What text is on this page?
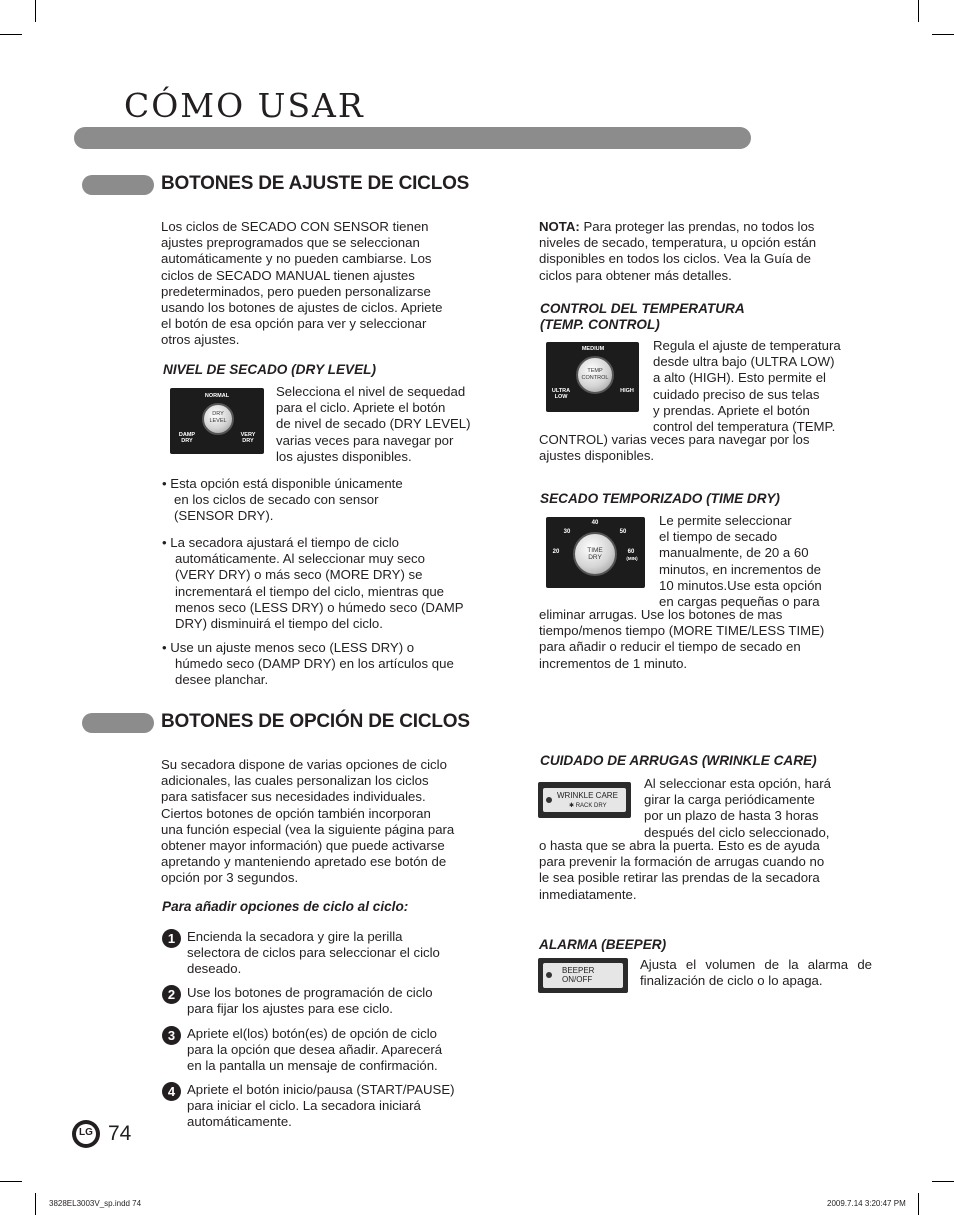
CÓMO USAR
BOTONES DE AJUSTE DE CICLOS
Los ciclos de SECADO CON SENSOR tienen
ajustes preprogramados que se seleccionan
automáticamente y no pueden cambiarse. Los
ciclos de SECADO MANUAL tienen ajustes
predeterminados, pero pueden personalizarse
usando los botones de ajustes de ciclos. Apriete
el botón de esa opción para ver y seleccionar
otros ajustes.
NIVEL DE SECADO (DRY LEVEL)
NORMAL
DRY
LEVEL
DAMP
DRY
VERY
DRY
Selecciona el nivel de sequedad
para el ciclo. Apriete el botón
de nivel de secado (DRY LEVEL)
varias veces para navegar por
los ajustes disponibles.
• Esta opción está disponible únicamente
en los ciclos de secado con sensor
(SENSOR DRY).
• La secadora ajustará el tiempo de ciclo
automáticamente. Al seleccionar muy seco
(VERY DRY) o más seco (MORE DRY) se
incrementará el tiempo del ciclo, mientras que
menos seco (LESS DRY) o húmedo seco (DAMP
DRY) disminuirá el tiempo del ciclo.
• Use un ajuste menos seco (LESS DRY) o
húmedo seco (DAMP DRY) en los artículos que
desee planchar.
NOTA: Para proteger las prendas, no todos los
niveles de secado, temperatura, u opción están
disponibles en todos los ciclos. Vea la Guía de
ciclos para obtener más detalles.
CONTROL DEL TEMPERATURA
(TEMP. CONTROL)
MEDIUM
TEMP
CONTROL
ULTRA
LOW
HIGH
Regula el ajuste de temperatura
desde ultra bajo (ULTRA LOW)
a alto (HIGH). Esto permite el
cuidado preciso de sus telas
y prendas. Apriete el botón
control del temperatura (TEMP.
CONTROL) varias veces para navegar por los
ajustes disponibles.
SECADO TEMPORIZADO (TIME DRY)
40
30	50
20	60
(MIN)
TIME
DRY
Le permite seleccionar
el tiempo de secado
manualmente, de 20 a 60
minutos, en incrementos de
10 minutos.Use esta opción
en cargas pequeñas o para
eliminar arrugas. Use los botones de mas
tiempo/menos tiempo (MORE TIME/LESS TIME)
para añadir o reducir el tiempo de secado en
incrementos de 1 minuto.
BOTONES DE OPCIÓN DE CICLOS
Su secadora dispone de varias opciones de ciclo
adicionales, las cuales personalizan los ciclos
para satisfacer sus necesidades individuales.
Ciertos botones de opción también incorporan
una función especial (vea la siguiente página para
obtener mayor información) que puede activarse
apretando y manteniendo apretado ese botón de
opción por 3 segundos.
Para añadir opciones de ciclo al ciclo:
1 Encienda la secadora y gire la perilla
selectora de ciclos para seleccionar el ciclo
deseado.
2 Use los botones de programación de ciclo
para fijar los ajustes para ese ciclo.
3 Apriete el(los) botón(es) de opción de ciclo
para la opción que desea añadir. Aparecerá
en la pantalla un mensaje de confirmación.
4 Apriete el botón inicio/pausa (START/PAUSE)
para iniciar el ciclo. La secadora iniciará
automáticamente.
CUIDADO DE ARRUGAS (WRINKLE CARE)
WRINKLE CARE
✱ RACK DRY
Al seleccionar esta opción, hará
girar la carga periódicamente
por un plazo de hasta 3 horas
después del ciclo seleccionado,
o hasta que se abra la puerta. Esto es de ayuda
para prevenir la formación de arrugas cuando no
le sea posible retirar las prendas de la secadora
inmediatamente.
ALARMA (BEEPER)
BEEPER
ON/OFF
Ajusta el volumen de la alarma de
finalización de ciclo o lo apaga.
LG 74
3828EL3003V_sp.indd 74	2009.7.14 3:20:47 PM
